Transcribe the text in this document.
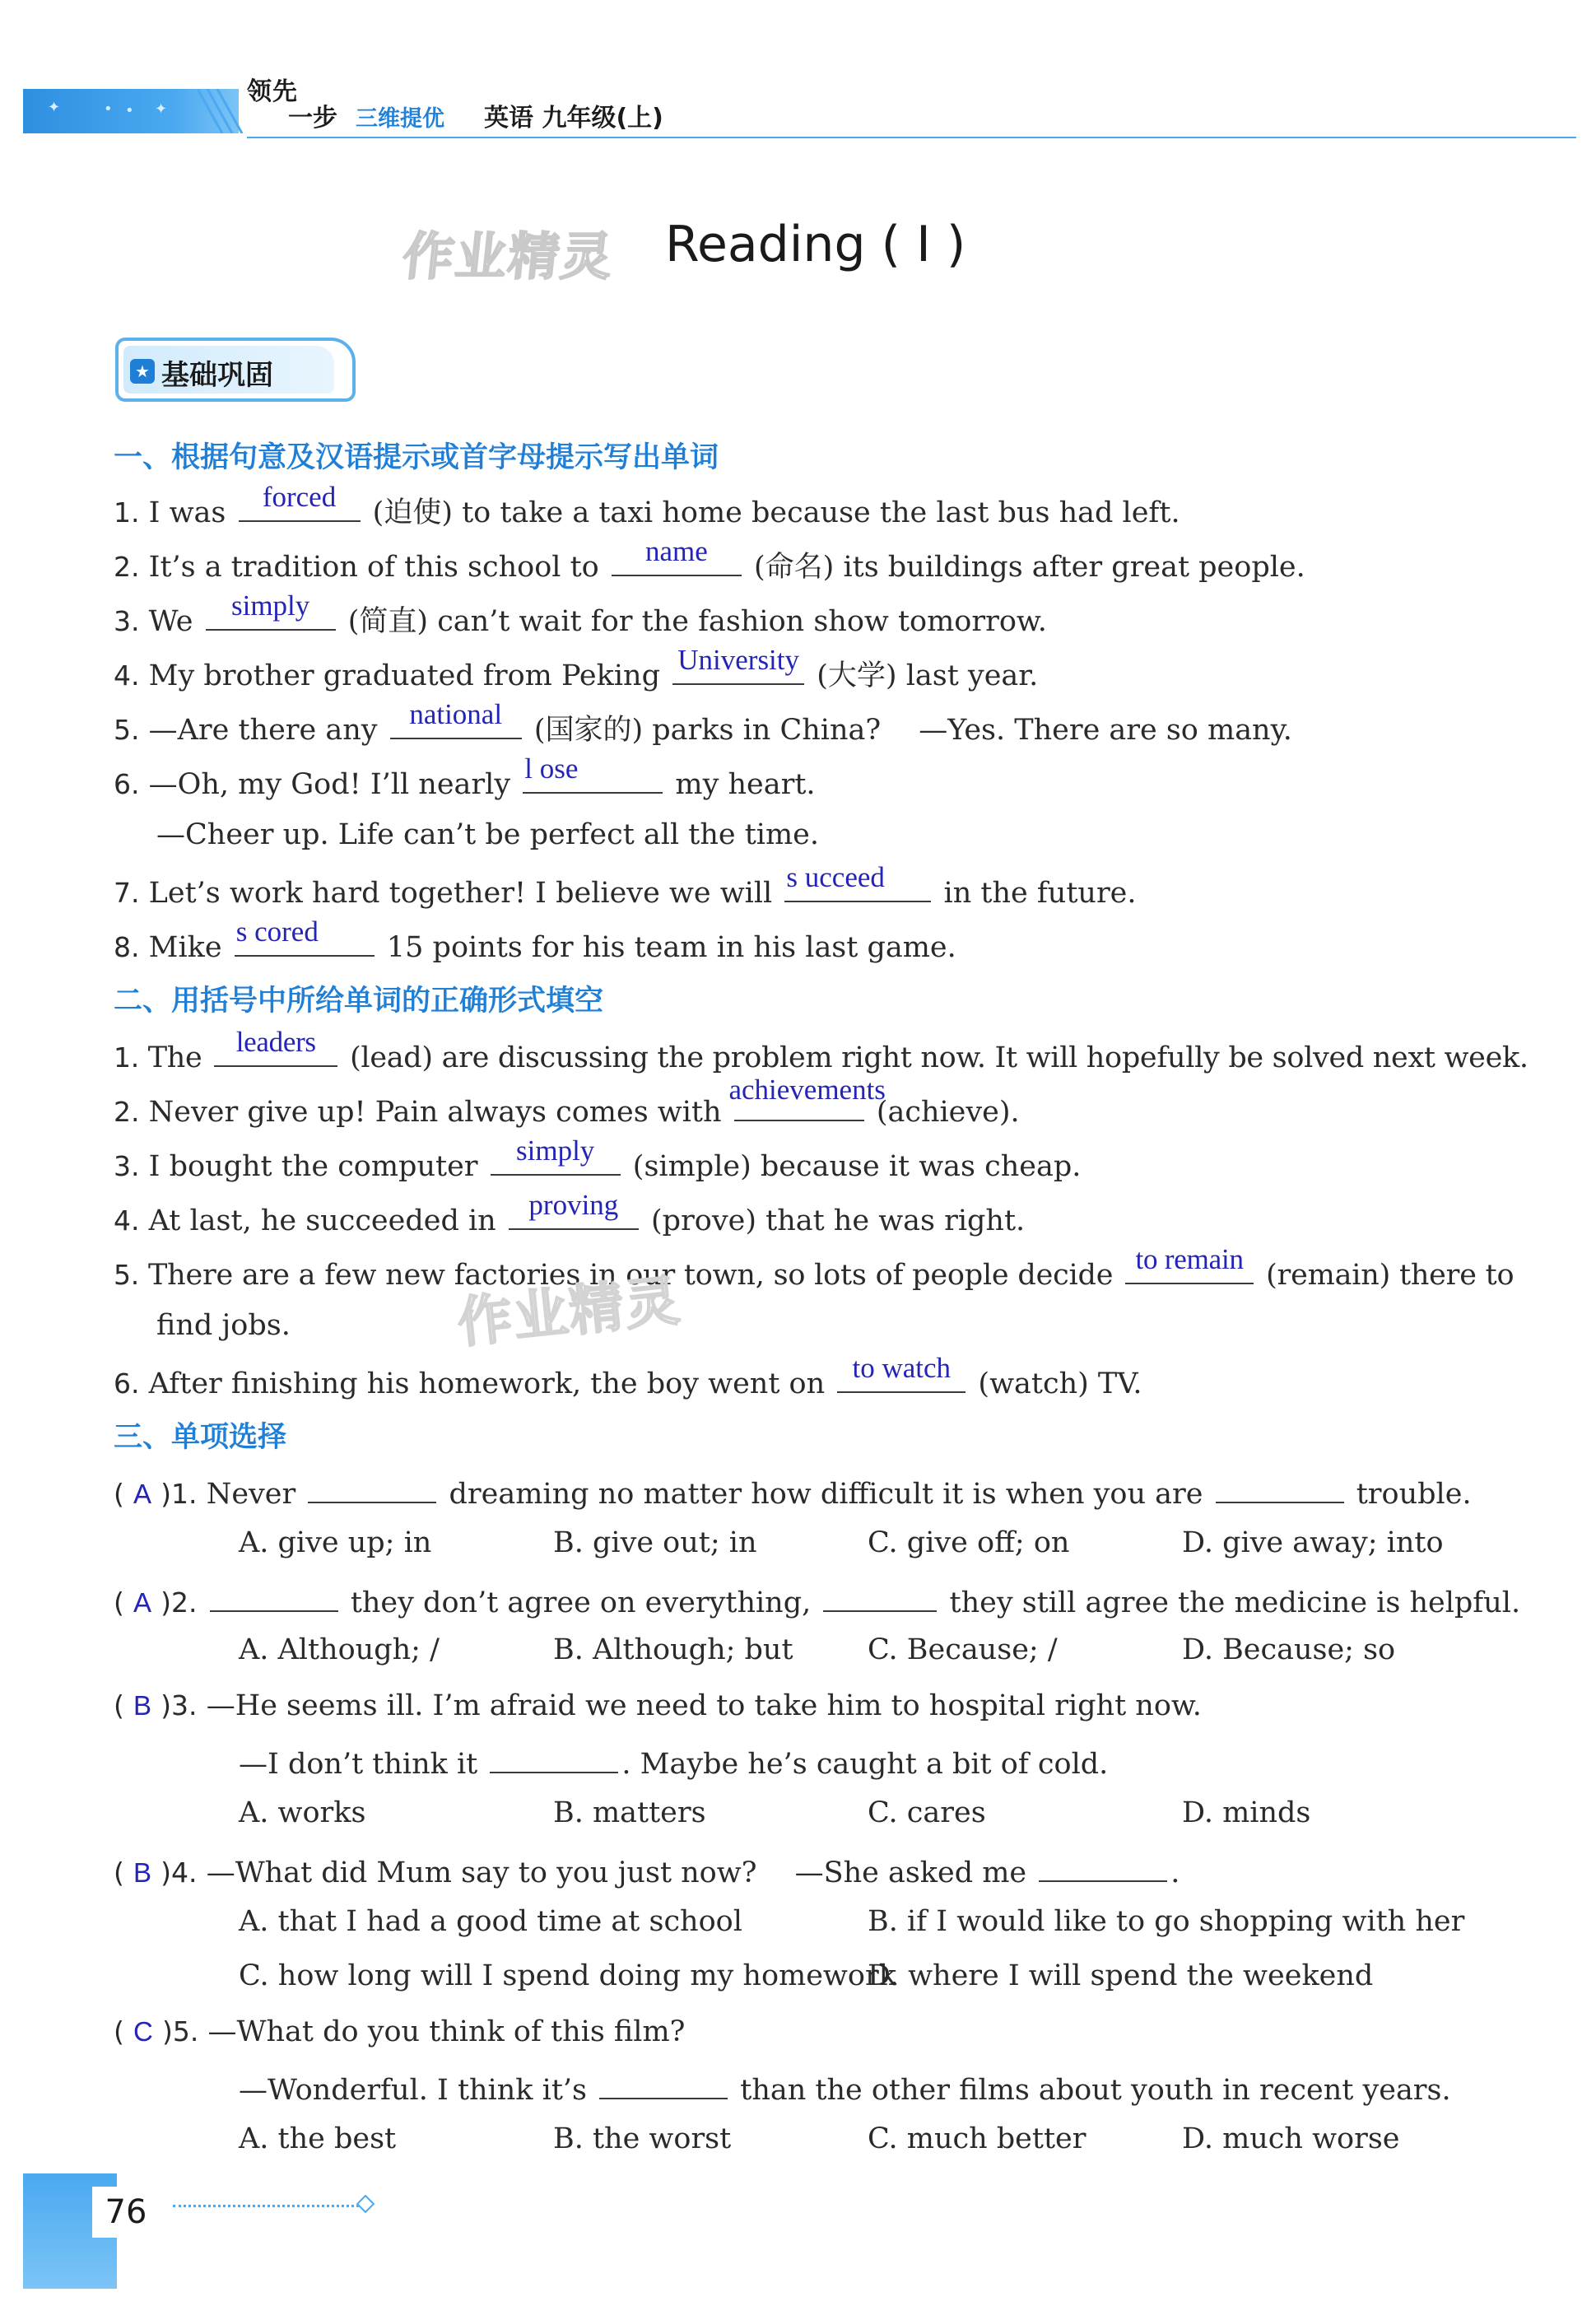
✦	• • ✦
领先
一步 三维提优 英语 九年级(上)
作业精灵 Reading ( Ⅰ )
★ 基础巩固
一、根据句意及汉语提示或首字母提示写出单词
1. I was	forced	(迫使) to take a taxi home because the last bus had left.
2. It’s a tradition of this school to	name	(命名) its buildings after great people.
3. We	simply	(简直) can’t wait for the fashion show tomorrow.
4. My brother graduated from Peking University (大学) last year.
5. —Are there any	national	(国家的) parks in China?　 —Yes. There are so many.
6. —Oh, my God! I’ll nearly l ose	my heart.
—Cheer up. Life can’t be perfect all the time.
7. Let’s work hard together! I believe we will s ucceed	in the future.
8. Mike s cored	15 points for his team in his last game.
二、用括号中所给单词的正确形式填空
1. The	leaders	(lead) are discussing the problem right now. It will hopefully be solved next week.
2. Never give up! Pain always comes with
achievements
(achieve).
3. I bought the computer	simply	(simple) because it was cheap.
4. At last, he succeeded in	proving	(prove) that he was right.
5. There are a few new factories in our town, so lots of people decide to remain (remain) there to
find jobs.	作业精灵
6. After finishing his homework, the boy went on to watch (watch) TV.
三、单项选择
( A )1. Never	dreaming no matter how difficult it is when you are	trouble.
A. give up; in	B. give out; in	C. give off; on	D. give away; into
( A )2.	they don’t agree on everything,	they still agree the medicine is helpful.
A. Although; /	B. Although; but	C. Because; /	D. Because; so
( B )3. —He seems ill. I’m afraid we need to take him to hospital right now.
—I don’t think it	. Maybe he’s caught a bit of cold.
A. works	B. matters	C. cares	D. minds
( B )4. —What did Mum say to you just now?　 —She asked me	.
A. that I had a good time at school	B. if I would like to go shopping with her
C. how long will I spend doing my homework
D. where I will spend the weekend
( C )5. —What do you think of this film?
—Wonderful. I think it’s	than the other films about youth in recent years.
A. the best	B. the worst	C. much better	D. much worse
76
